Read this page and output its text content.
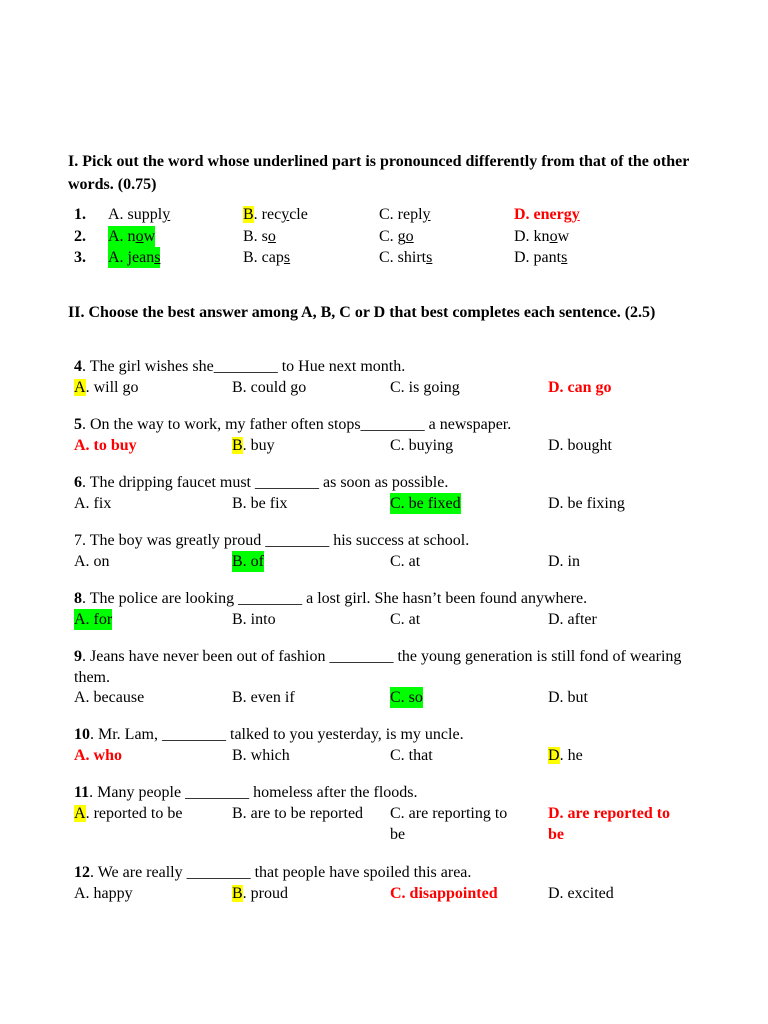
I. Pick out the word whose underlined part is pronounced differently from that of the other words. (0.75)
1. A. supply	B. recycle	C. reply	D. energy
2. A. now	B. so	C. go	D. know
3. A. jeans	B. caps	C. shirts	D. pants
II. Choose the best answer among A, B, C or D that best completes each sentence. (2.5)
4. The girl wishes she________ to Hue next month.
A. will go	B. could go	C. is going	D. can go
5. On the way to work, my father often stops________ a newspaper.
A. to buy	B. buy	C. buying	D. bought
6. The dripping faucet must ________ as soon as possible.
A. fix	B. be fix	C. be fixed	D. be fixing
7. The boy was greatly proud ________ his success at school.
A. on	B. of	C. at	D. in
8. The police are looking ________ a lost girl. She hasn’t been found anywhere.
A. for	B. into	C. at	D. after
9. Jeans have never been out of fashion ________ the young generation is still fond of wearing them.
A. because	B. even if	C. so	D. but
10. Mr. Lam, ________ talked to you yesterday, is my uncle.
A. who	B. which	C. that	D. he
11. Many people ________ homeless after the floods.
A. reported to be	B. are to be reported C. are reporting to	D. are reported to
be	be
12. We are really ________ that people have spoiled this area.
A. happy	B. proud	C. disappointed	D. excited
